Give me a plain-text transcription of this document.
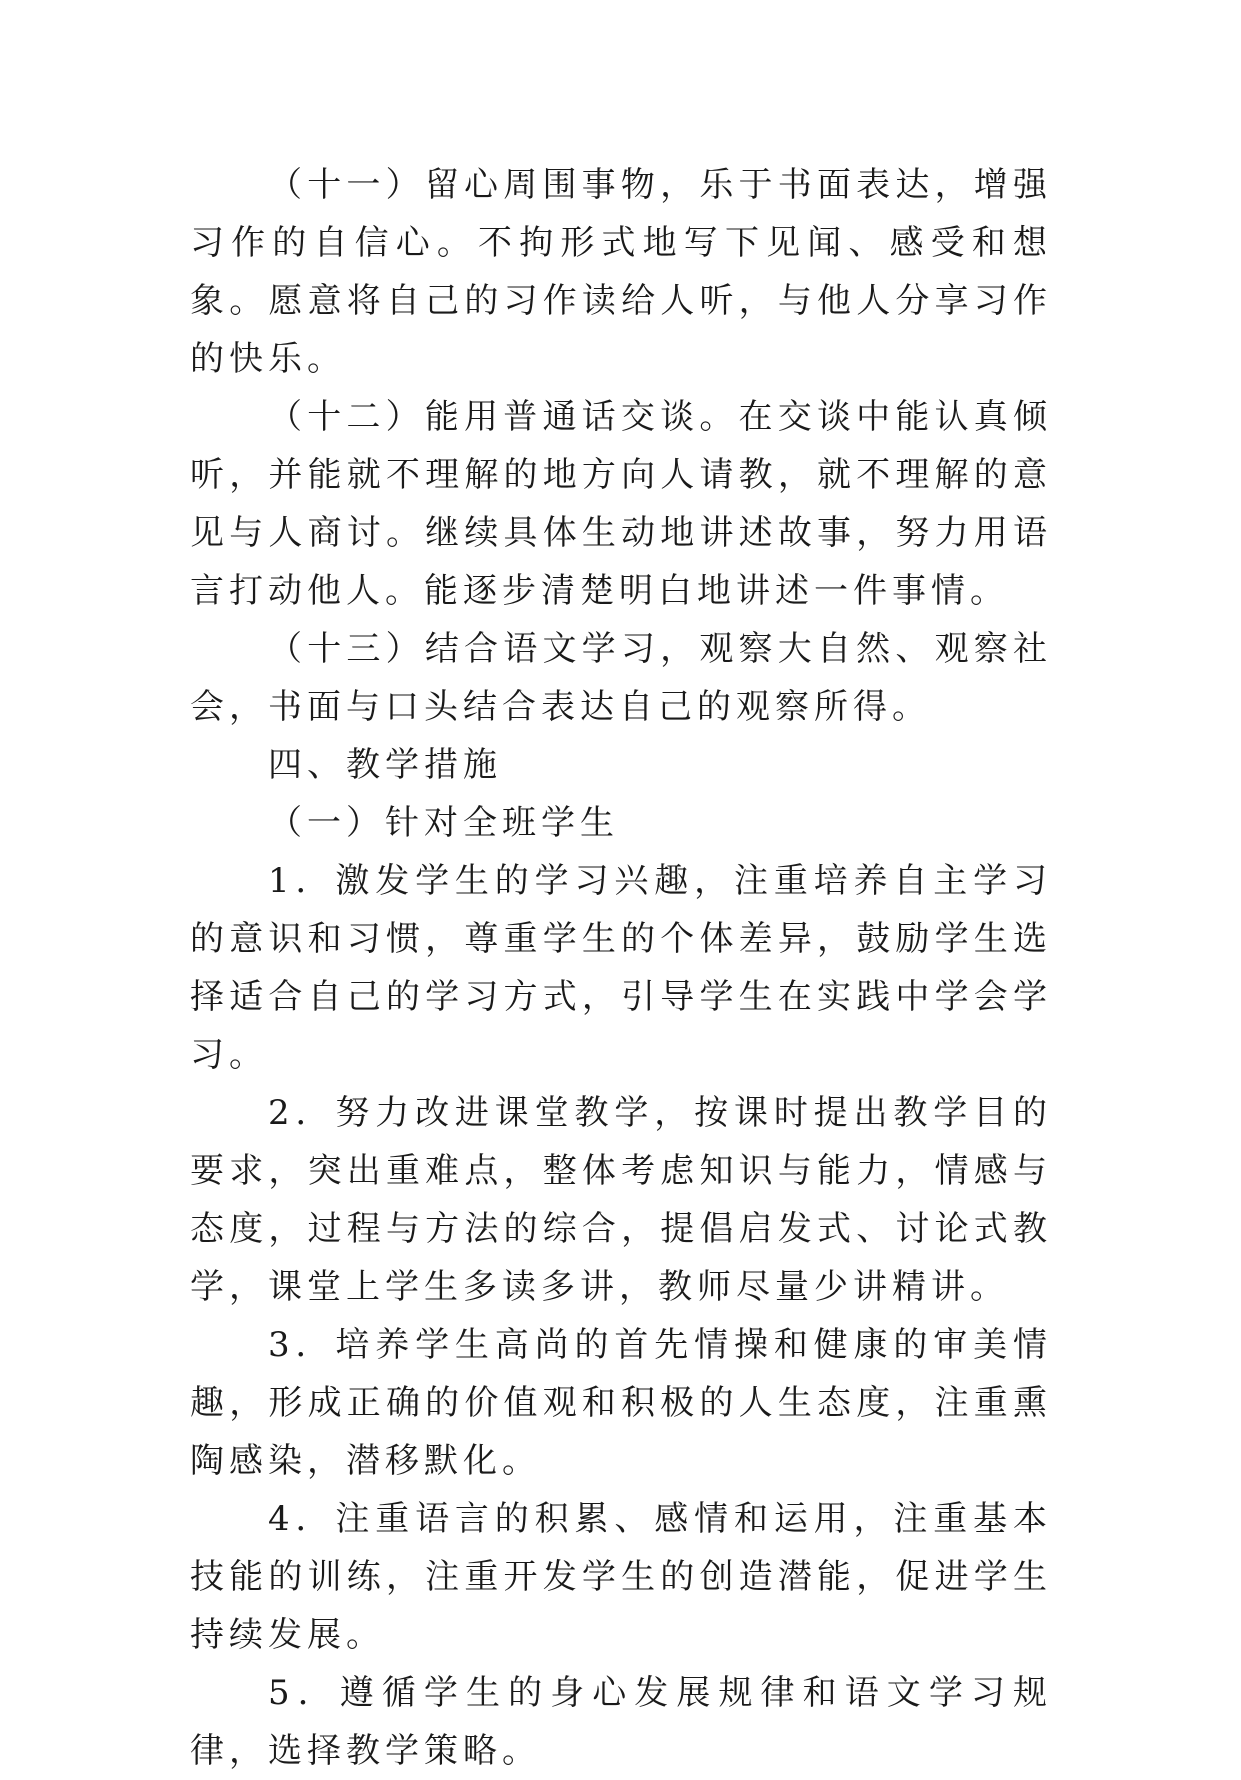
（十一）留心周围事物，乐于书面表达，增强习作的自信心。不拘形式地写下见闻、感受和想象。愿意将自己的习作读给人听，与他人分享习作的快乐。

（十二）能用普通话交谈。在交谈中能认真倾听，并能就不理解的地方向人请教，就不理解的意见与人商讨。继续具体生动地讲述故事，努力用语言打动他人。能逐步清楚明白地讲述一件事情。

（十三）结合语文学习，观察大自然、观察社会，书面与口头结合表达自己的观察所得。

四、教学措施

（一）针对全班学生

1．激发学生的学习兴趣，注重培养自主学习的意识和习惯，尊重学生的个体差异，鼓励学生选择适合自己的学习方式，引导学生在实践中学会学习。

2．努力改进课堂教学，按课时提出教学目的要求，突出重难点，整体考虑知识与能力，情感与态度，过程与方法的综合，提倡启发式、讨论式教学，课堂上学生多读多讲，教师尽量少讲精讲。

3．培养学生高尚的首先情操和健康的审美情趣，形成正确的价值观和积极的人生态度，注重熏陶感染，潜移默化。

4．注重语言的积累、感情和运用，注重基本技能的训练，注重开发学生的创造潜能，促进学生持续发展。

5．遵循学生的身心发展规律和语文学习规律，选择教学策略。
